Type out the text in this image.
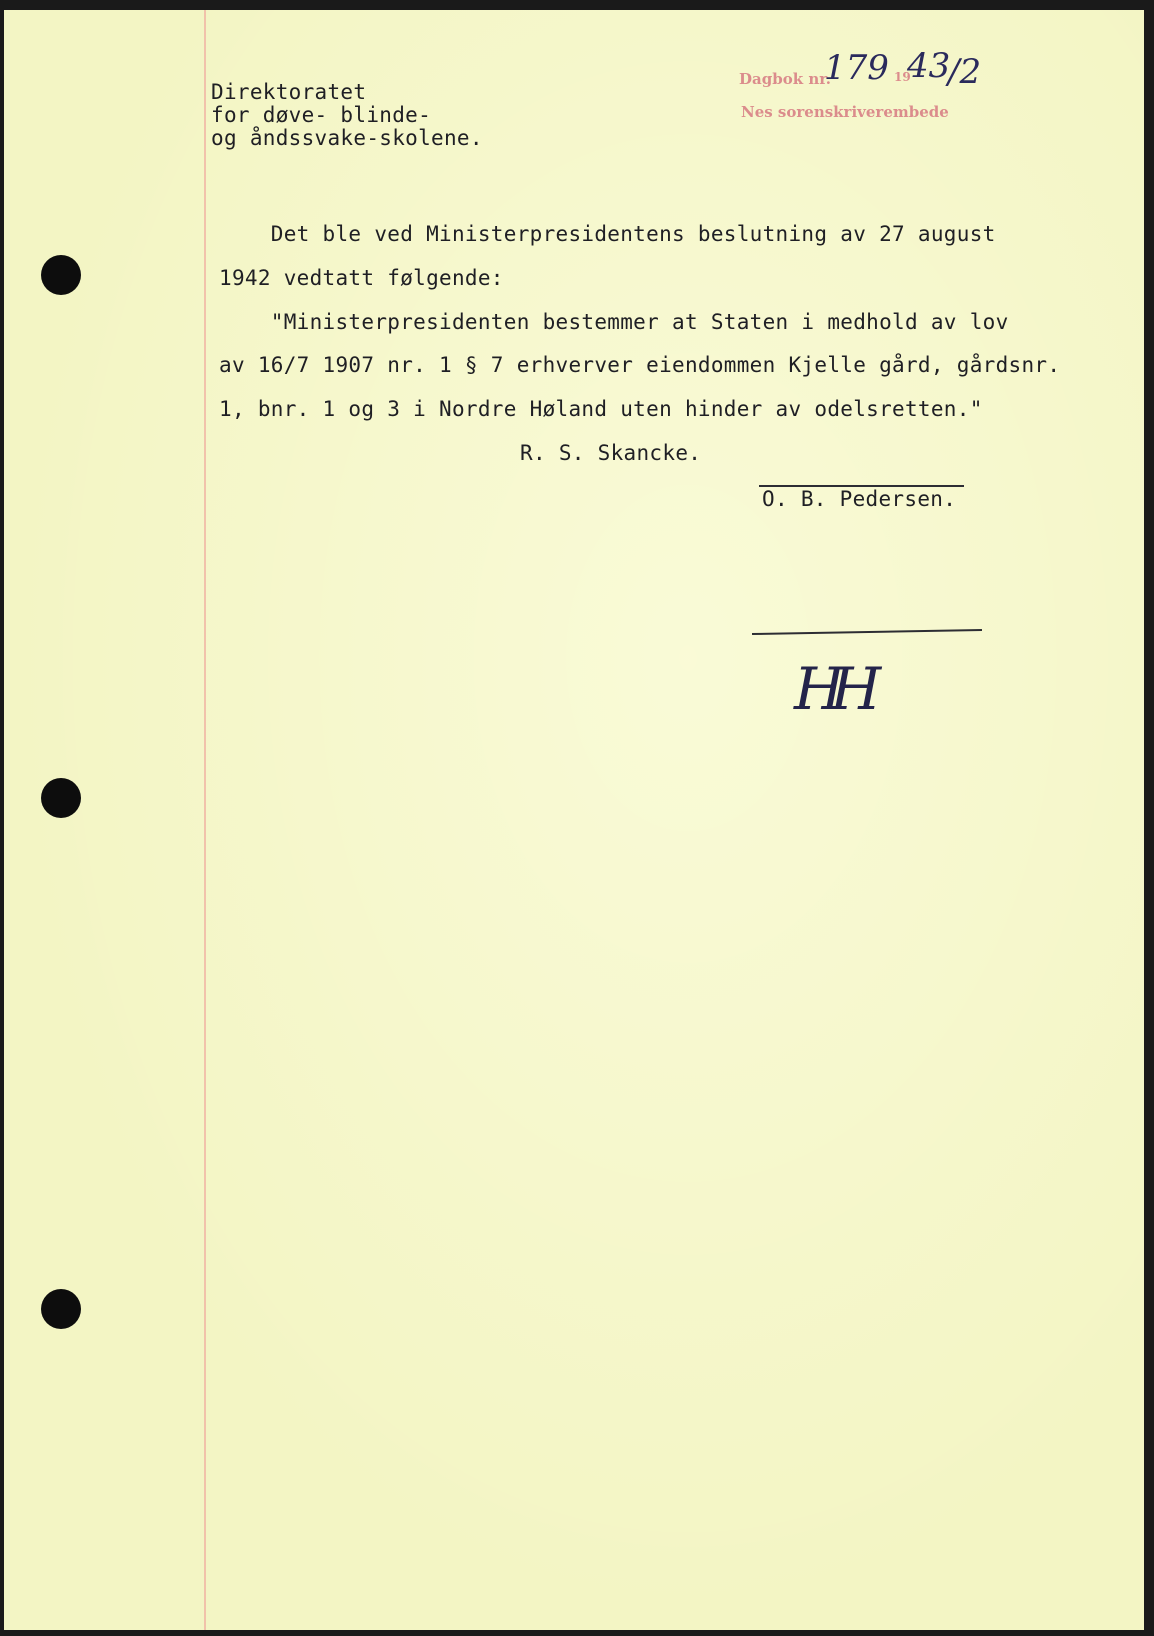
Direktoratet
for døve- blinde-
og åndssvake-skolene.
Dagbok nr.	19
Nes sorenskriverembede
179 43
/2
Det ble ved Ministerpresidentens beslutning av 27 august
1942 vedtatt følgende:
"Ministerpresidenten bestemmer at Staten i medhold av lov
av 16/7 1907 nr. 1 § 7 erhverver eiendommen Kjelle gård, gårdsnr.
1, bnr. 1 og 3 i Nordre Høland uten hinder av odelsretten."
R. S. Skancke.
O. B. Pedersen.
HH
